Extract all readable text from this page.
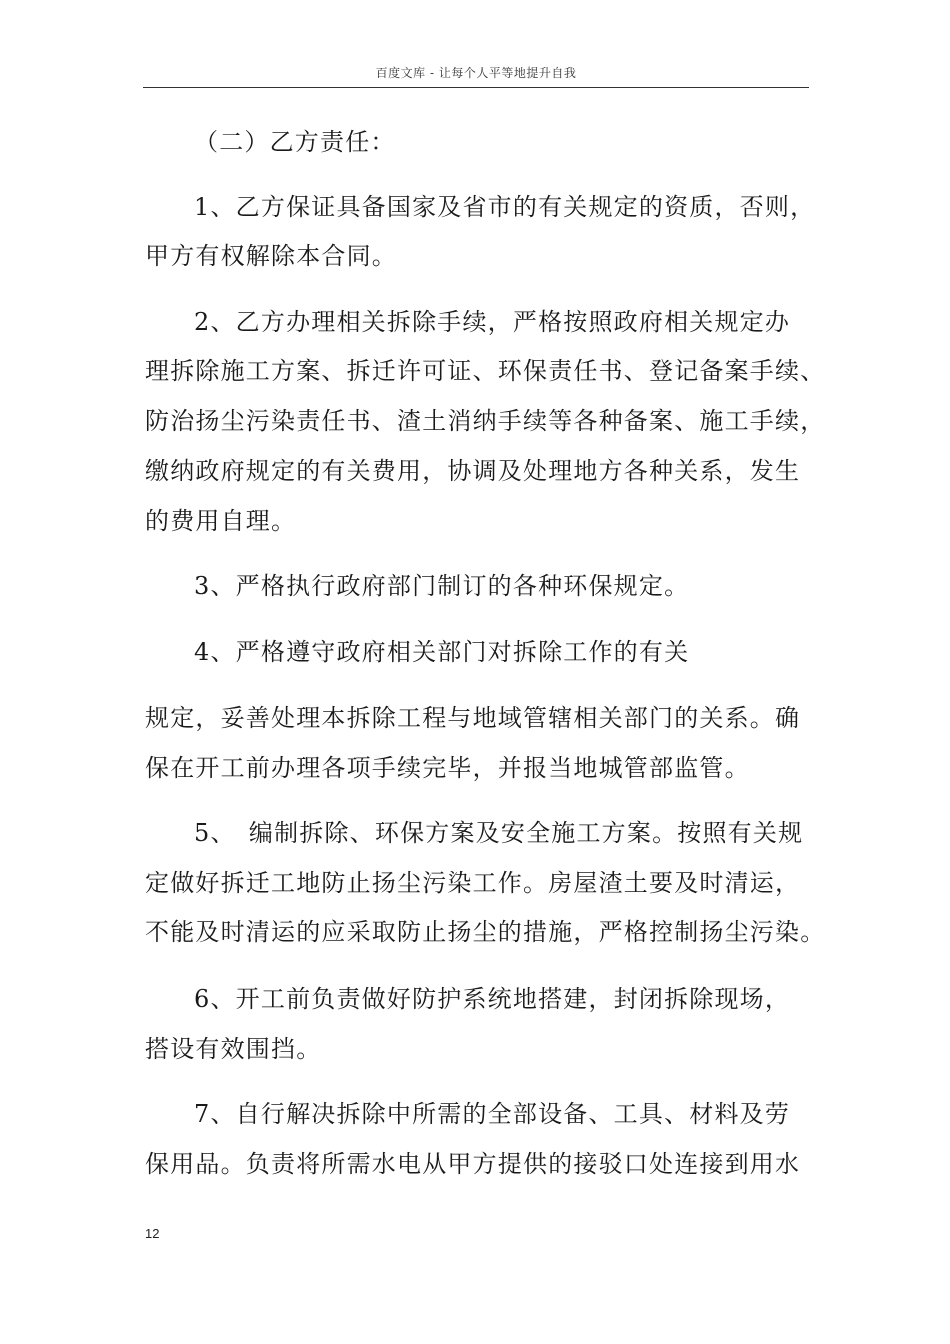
百度文库 - 让每个人平等地提升自我
（二）乙方责任：
1、乙方保证具备国家及省市的有关规定的资质，否则，
甲方有权解除本合同。
2、乙方办理相关拆除手续，严格按照政府相关规定办
理拆除施工方案、拆迁许可证、环保责任书、登记备案手续、
防治扬尘污染责任书、渣土消纳手续等各种备案、施工手续，
缴纳政府规定的有关费用，协调及处理地方各种关系，发生
的费用自理。
3、严格执行政府部门制订的各种环保规定。
4、严格遵守政府相关部门对拆除工作的有关
规定，妥善处理本拆除工程与地域管辖相关部门的关系。确
保在开工前办理各项手续完毕，并报当地城管部监管。
5、　编制拆除、环保方案及安全施工方案。按照有关规
定做好拆迁工地防止扬尘污染工作。房屋渣土要及时清运，
不能及时清运的应采取防止扬尘的措施，严格控制扬尘污染。
6、开工前负责做好防护系统地搭建，封闭拆除现场，
搭设有效围挡。
7、自行解决拆除中所需的全部设备、工具、材料及劳
保用品。负责将所需水电从甲方提供的接驳口处连接到用水
12
